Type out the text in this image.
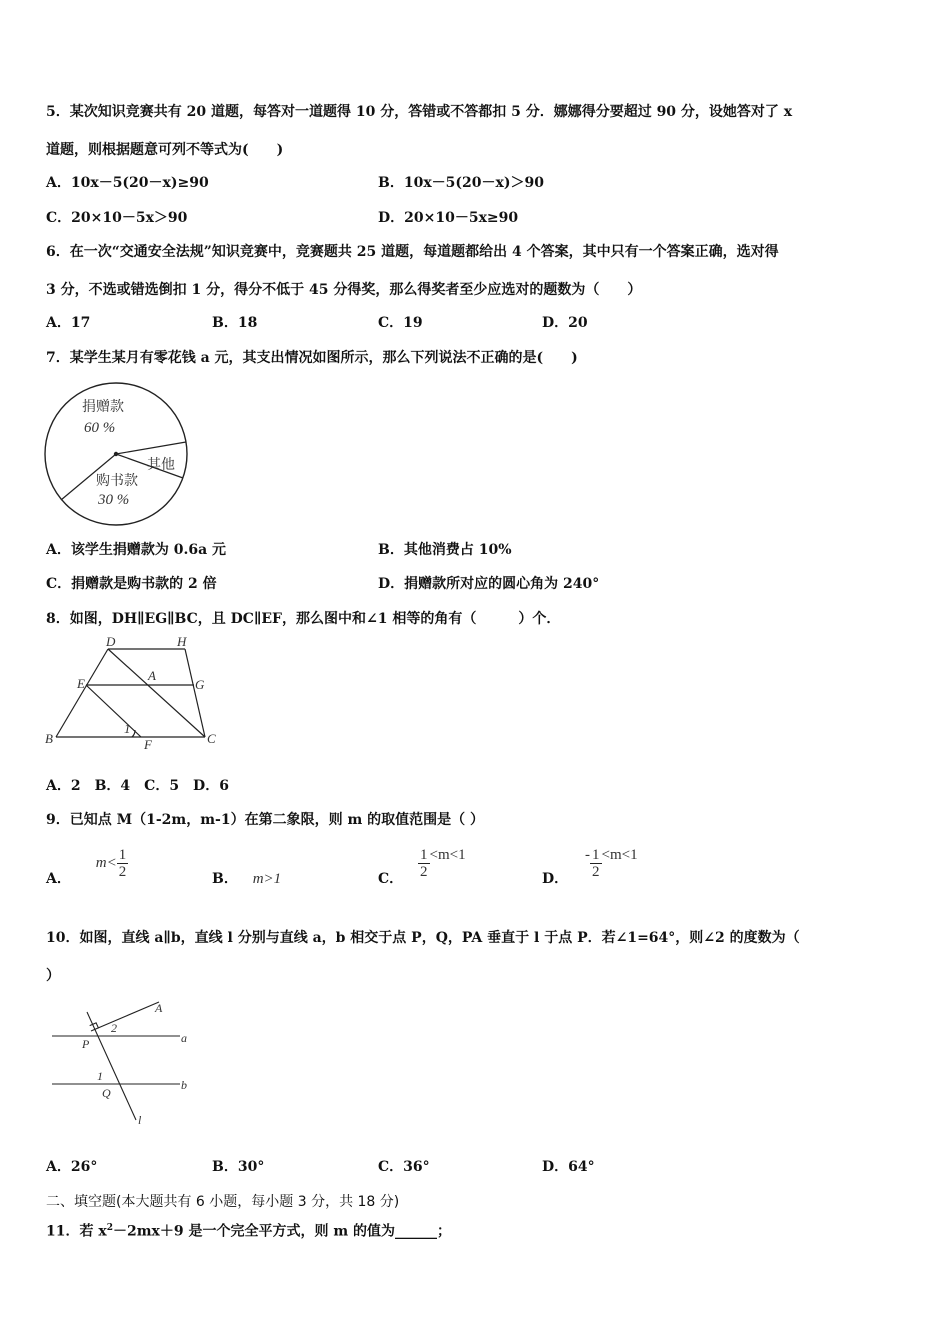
5．某次知识竞赛共有 20 道题，每答对一道题得 10 分，答错或不答都扣 5 分．娜娜得分要超过 90 分，设她答对了 x
道题，则根据题意可列不等式为(　　)
A．10x－5(20－x)≥90	B．10x－5(20－x)＞90
C．20×10－5x＞90	D．20×10－5x≥90
6．在一次“交通安全法规”知识竞赛中，竞赛题共 25 道题，每道题都给出 4 个答案，其中只有一个答案正确，选对得
3 分，不选或错选倒扣 1 分，得分不低于 45 分得奖，那么得奖者至少应选对的题数为（　　）
A．17	B．18	C．19	D．20
7．某学生某月有零花钱 a 元，其支出情况如图所示，那么下列说法不正确的是(　　)
捐赠款
60 %
其他
购书款
30 %
A．该学生捐赠款为 0.6a 元	B．其他消费占 10%
C．捐赠款是购书款的 2 倍	D．捐赠款所对应的圆心角为 240°
8．如图，DH∥EG∥BC，且 DC∥EF，那么图中和∠1 相等的角有（　　　）个．
D	H
E
A
G
B	F	C
1
A．2　B．4　C．5　D．6
9．已知点 M（1-2m，m-1）在第二象限，则 m 的取值范围是（ ）
A． $m< \frac{1}{2}$	B． m>1	C． $\frac{1}{2} <m<1$
D． - $\frac{1}{2} <m<1$
10．如图，直线 a∥b，直线 l 分别与直线 a，b 相交于点 P，Q，PA 垂直于 l 于点 P．若∠1=64°，则∠2 的度数为（
）
A
2
P	a
1
Q
b
l
A．26°	B．30°	C．36°	D．64°
二、填空题(本大题共有 6 小题，每小题 3 分，共 18 分)
11．若 $x^2-2mx+9$ 是一个完全平方式，则 m 的值为______；
